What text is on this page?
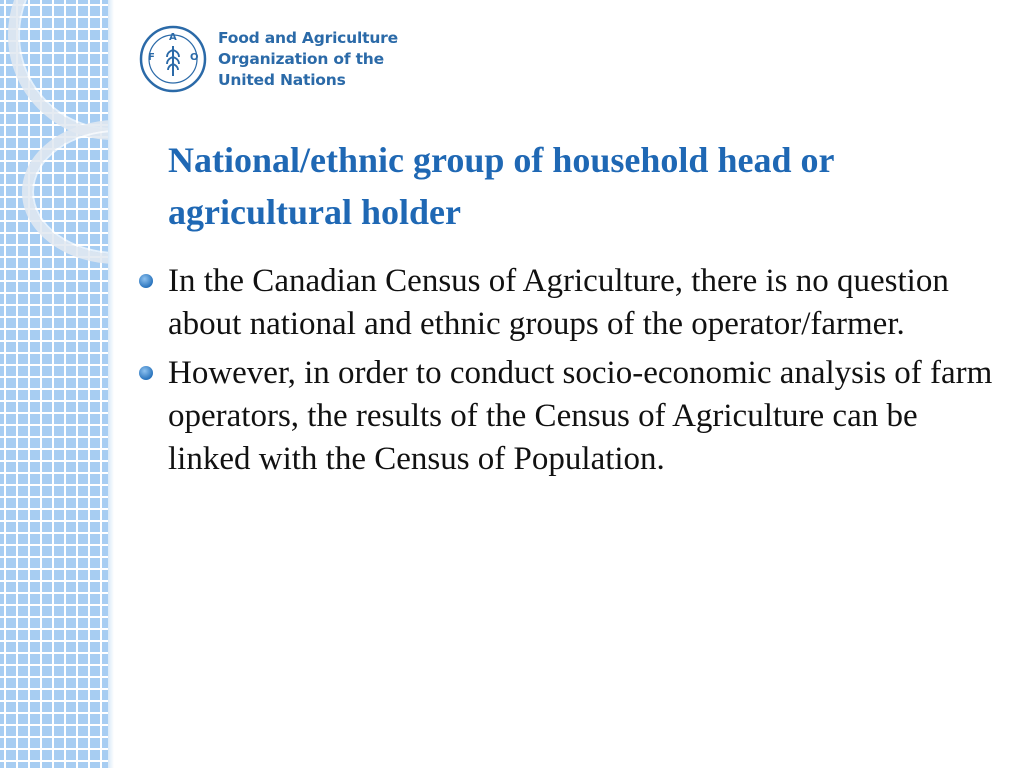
F
A
O
Food and Agriculture
Organization of the
United Nations
National/ethnic group of household head or agricultural holder
In the Canadian Census of Agriculture, there is no question about national and ethnic groups of the operator/farmer.
However, in order to conduct socio-economic analysis of farm operators, the results of the Census of Agriculture can be linked with the Census of Population.
